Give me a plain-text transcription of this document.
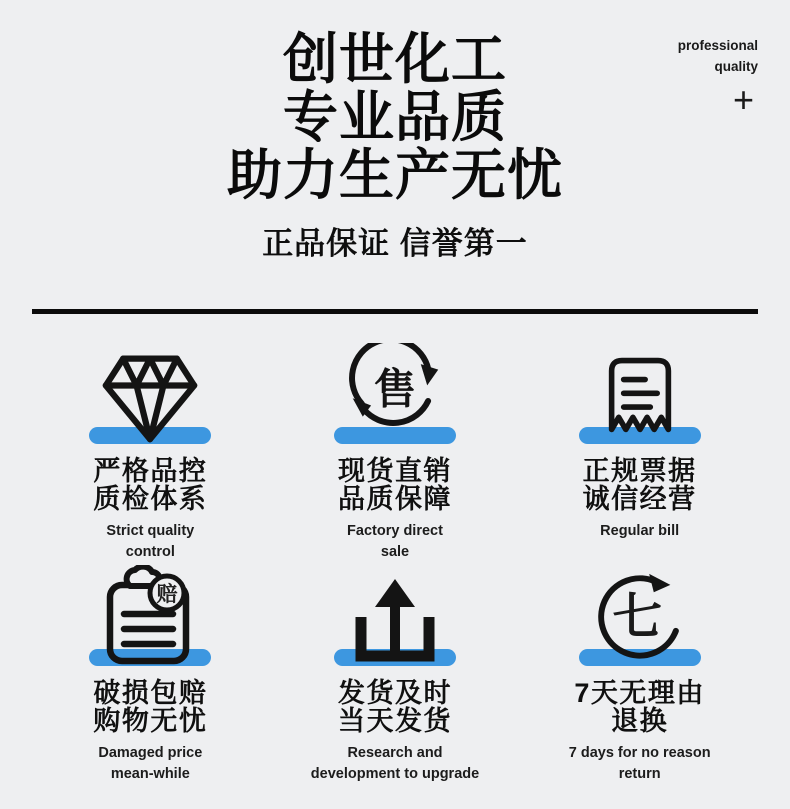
professional
quality
+
创世化工
专业品质
助力生产无忧
正品保证 信誉第一
严格品控
质检体系
Strict quality
control
售
现货直销
品质保障
Factory direct
sale
正规票据
诚信经营
Regular bill
赔
破损包赔
购物无忧
Damaged price
mean-while
发货及时
当天发货
Research and
development to upgrade
七
7天无理由
退换
7 days for no reason
return
